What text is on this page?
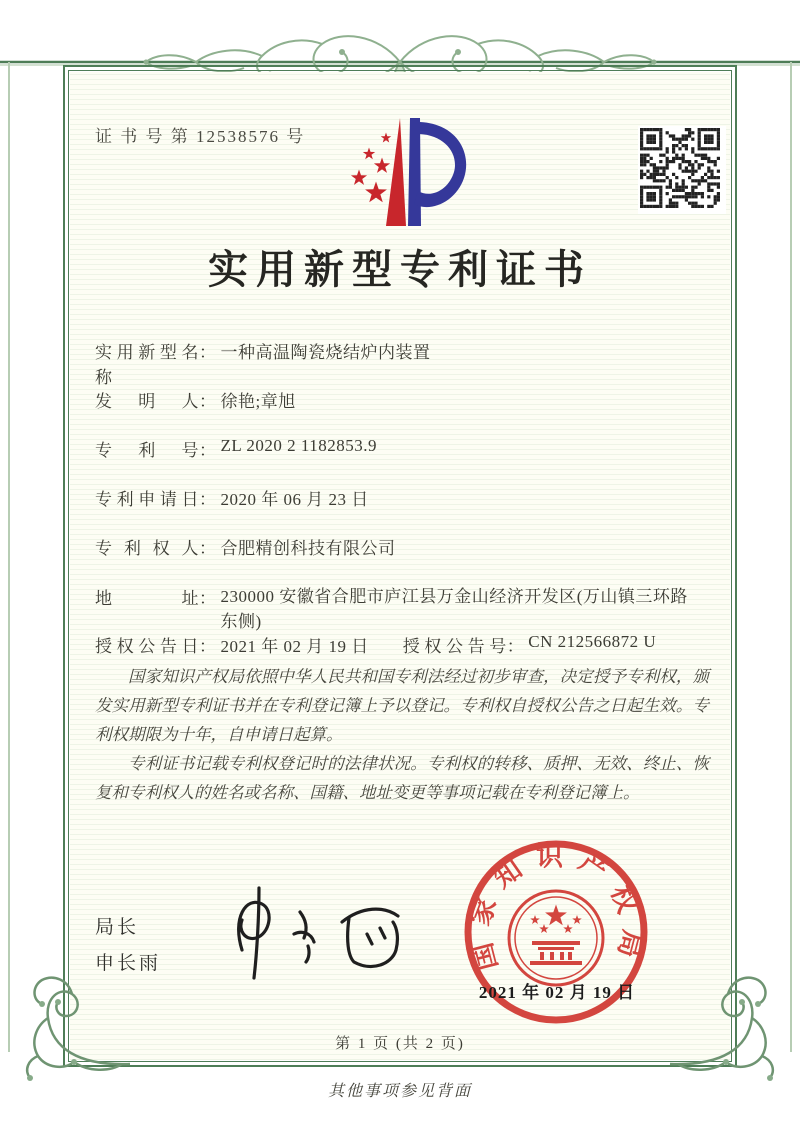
证 书 号 第 12538576 号
实用新型专利证书
实用新型名称： 一种高温陶瓷烧结炉内装置
发明人： 徐艳;章旭
专利号： ZL 2020 2 1182853.9
专利申请日： 2020 年 06 月 23 日
专利权人： 合肥精创科技有限公司
地址： 230000 安徽省合肥市庐江县万金山经济开发区(万山镇三环路东侧)
授权公告日： 2021 年 02 月 19 日 授权公告号： CN 212566872 U

国家知识产权局依照中华人民共和国专利法经过初步审查，决定授予专利权，颁发实用新型专利证书并在专利登记簿上予以登记。专利权自授权公告之日起生效。专利权期限为十年，自申请日起算。

专利证书记载专利权登记时的法律状况。专利权的转移、质押、无效、终止、恢复和专利权人的姓名或名称、国籍、地址变更等事项记载在专利登记簿上。

局长
申长雨	国家知识产权局
2021 年 02 月 19 日
第 1 页 (共 2 页)
其他事项参见背面
